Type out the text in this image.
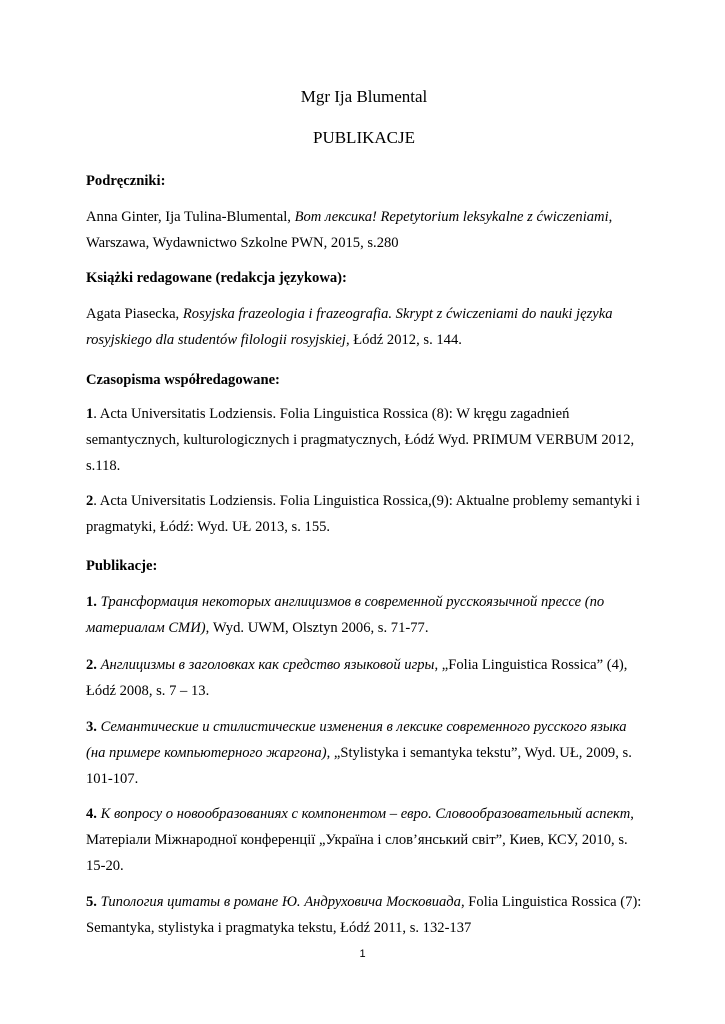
Mgr Ija Blumental
PUBLIKACJE
Podręczniki:

Anna Ginter, Ija Tulina-Blumental, Вот лексика! Repetytorium leksykalne z ćwiczeniami, Warszawa, Wydawnictwo Szkolne PWN, 2015, s.280

Książki redagowane (redakcja językowa):

Agata Piasecka, Rosyjska frazeologia i frazeografia. Skrypt z ćwiczeniami do nauki języka rosyjskiego dla studentów filologii rosyjskiej, Łódź 2012, s. 144.

Czasopisma współredagowane:

1. Acta Universitatis Lodziensis. Folia Linguistica Rossica (8): W kręgu zagadnień semantycznych, kulturologicznych i pragmatycznych, Łódź Wyd. PRIMUM VERBUM 2012, s.118.

2. Acta Universitatis Lodziensis. Folia Linguistica Rossica,(9): Aktualne problemy semantyki i pragmatyki, Łódź: Wyd. UŁ 2013, s. 155.

Publikacje:

1. Трансформация некоторых англицизмов в современной русскоязычной прессе (по материалам СМИ), Wyd. UWM, Olsztyn 2006, s. 71-77.

2. Англицизмы в заголовках как средство языковой игры, „Folia Linguistica Rossica” (4), Łódź 2008, s. 7 – 13.

3. Семантические и стилистические изменения в лексике современного русского языка (на примере компьютерного жаргона), „Stylistyka i semantyka tekstu”, Wyd. UŁ, 2009, s. 101-107.

4. К вопросу о новообразованиях с компонентом – евро. Словообразовательный аспект, Матеріали Міжнародної конференції „Україна і слов’янський світ”, Киев, КСУ, 2010, s. 15-20.

5. Типология цитаты в романе Ю. Андруховича Московиада, Folia Linguistica Rossica (7): Semantyka, stylistyka i pragmatyka tekstu, Łódź 2011, s. 132-137

1
